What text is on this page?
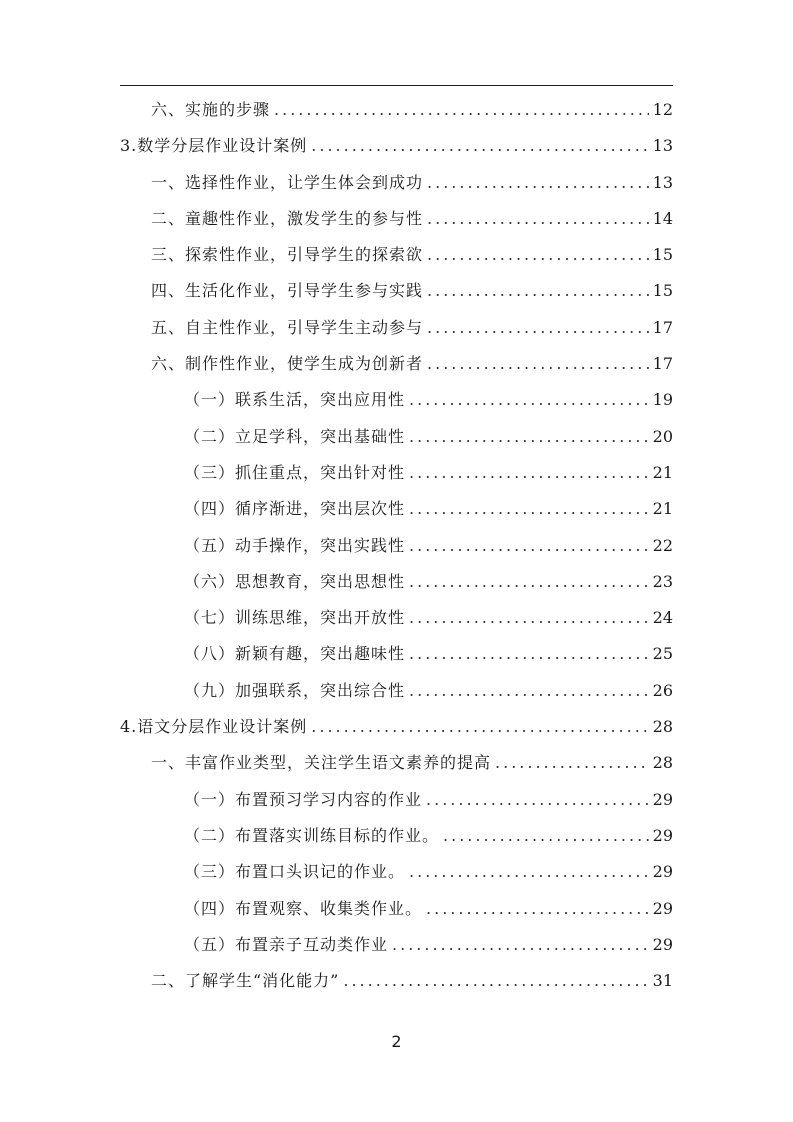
六、实施的步骤 .....	12
3.数学分层作业设计案例 .....	13
一、选择性作业，让学生体会到成功 .....	13
二、童趣性作业，激发学生的参与性 .....	14
三、探索性作业，引导学生的探索欲 .....	15
四、生活化作业，引导学生参与实践 .....	15
五、自主性作业，引导学生主动参与 .....	17
六、制作性作业，使学生成为创新者 .....	17
（一）联系生活，突出应用性 .....	19
（二）立足学科，突出基础性 .....	20
（三）抓住重点，突出针对性 .....	21
（四）循序渐进，突出层次性 .....	21
（五）动手操作，突出实践性 .....	22
（六）思想教育，突出思想性 .....	23
（七）训练思维，突出开放性 .....	24
（八）新颖有趣，突出趣味性 .....	25
（九）加强联系，突出综合性 .....	26
4.语文分层作业设计案例 .....	28
一、丰富作业类型，关注学生语文素养的提高 .....	28
（一）布置预习学习内容的作业 .....	29
（二）布置落实训练目标的作业。 .....	29
（三）布置口头识记的作业。 .....	29
（四）布置观察、收集类作业。 .....	29
（五）布置亲子互动类作业 .....	29
二、了解学生“消化能力” .....	31
2
